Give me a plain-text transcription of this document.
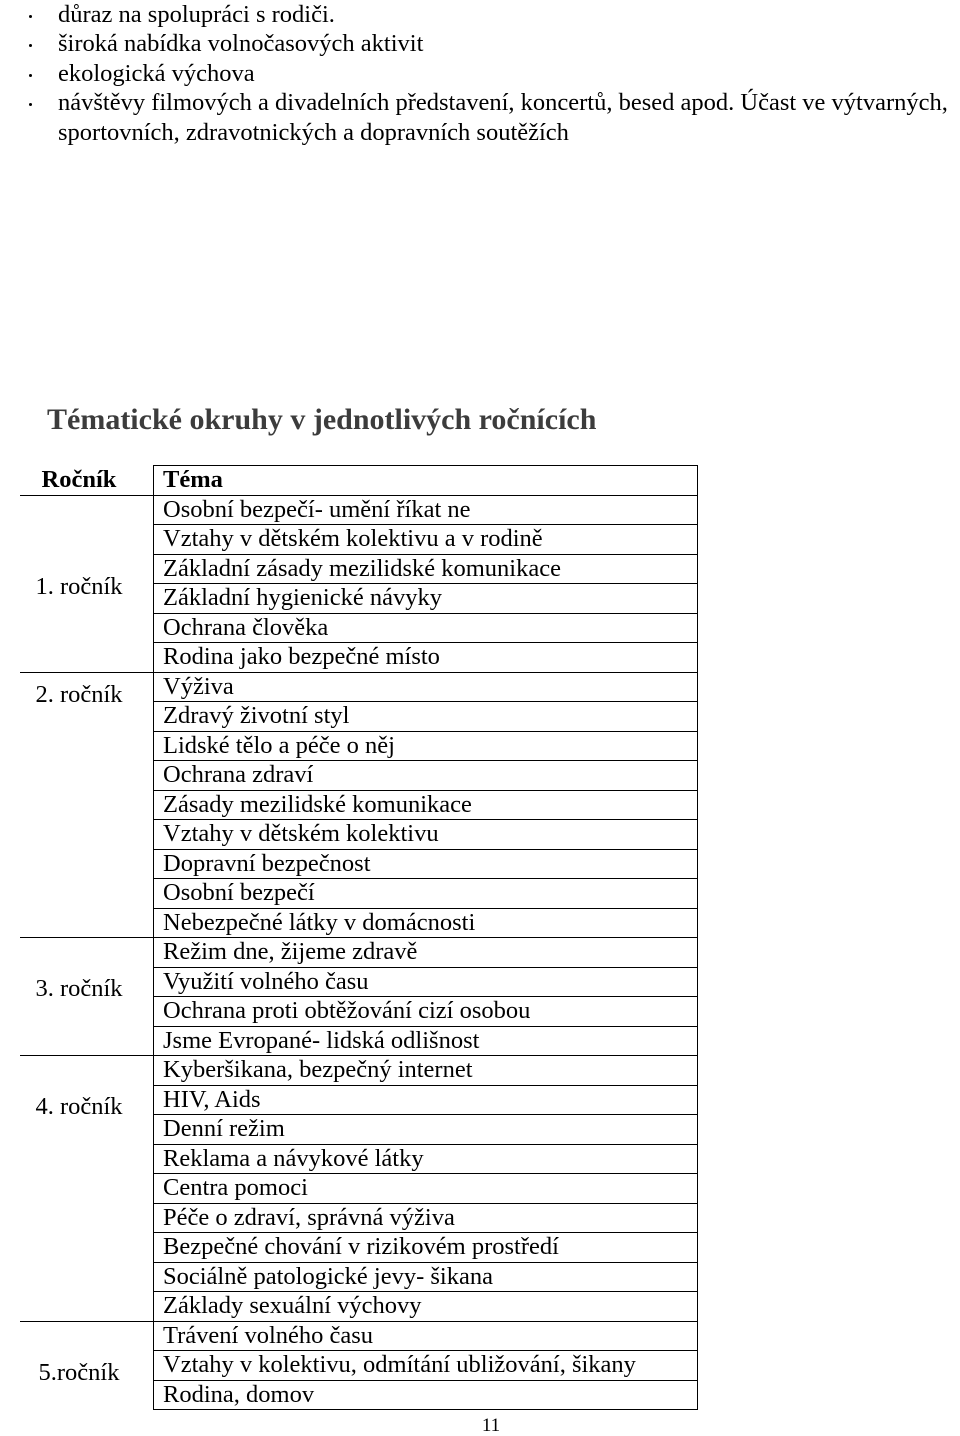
důraz na spolupráci s rodiči.
široká nabídka volnočasových aktivit
ekologická výchova
návštěvy filmových a divadelních představení, koncertů, besed apod. Účast ve výtvarných, sportovních, zdravotnických a dopravních soutěžích
Tématické okruhy v jednotlivých ročnících
Ročník
1. ročník
2. ročník
3. ročník
4. ročník
5.ročník
Téma
Osobní bezpečí- umění říkat ne
Vztahy v dětském kolektivu a v rodině
Základní zásady mezilidské komunikace
Základní hygienické návyky
Ochrana člověka
Rodina jako bezpečné místo
Výživa
Zdravý životní styl
Lidské tělo a péče o něj
Ochrana zdraví
Zásady mezilidské komunikace
Vztahy v dětském kolektivu
Dopravní bezpečnost
Osobní bezpečí
Nebezpečné látky v domácnosti
Režim dne, žijeme zdravě
Využití volného času
Ochrana proti obtěžování cizí osobou
Jsme Evropané- lidská odlišnost
Kyberšikana, bezpečný internet
HIV, Aids
Denní režim
Reklama a návykové látky
Centra pomoci
Péče o zdraví, správná výživa
Bezpečné chování v rizikovém prostředí
Sociálně patologické jevy- šikana
Základy sexuální výchovy
Trávení volného času
Vztahy v kolektivu, odmítání ubližování, šikany
Rodina, domov
11
